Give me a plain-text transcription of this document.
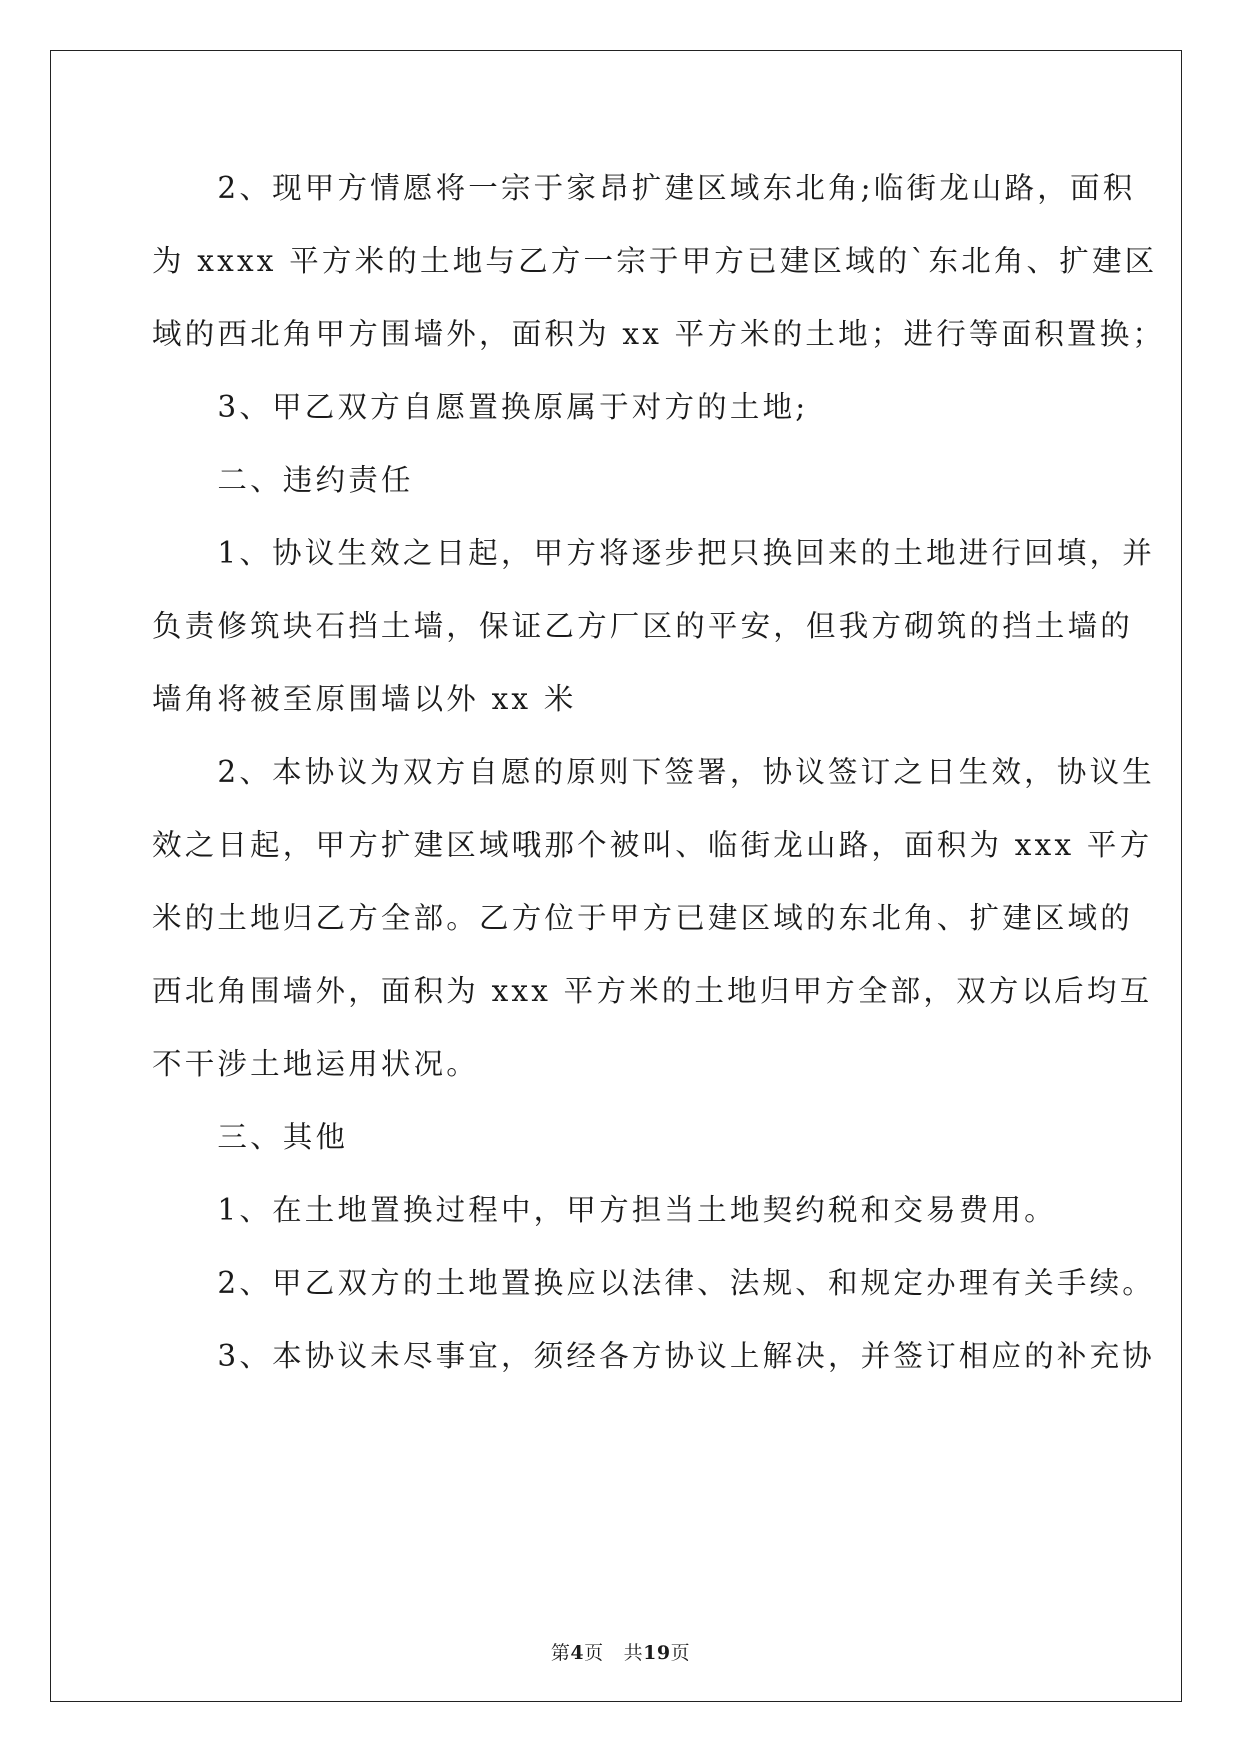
　　2、现甲方情愿将一宗于家昂扩建区域东北角;临街龙山路，面积
为 xxxx 平方米的土地与乙方一宗于甲方已建区域的`东北角、扩建区
域的西北角甲方围墙外，面积为 xx 平方米的土地；进行等面积置换；
　　3、甲乙双方自愿置换原属于对方的土地;
　　二、违约责任
　　1、协议生效之日起，甲方将逐步把只换回来的土地进行回填，并
负责修筑块石挡土墙，保证乙方厂区的平安，但我方砌筑的挡土墙的
墙角将被至原围墙以外 xx 米
　　2、本协议为双方自愿的原则下签署，协议签订之日生效，协议生
效之日起，甲方扩建区域哦那个被叫、临街龙山路，面积为 xxx 平方
米的土地归乙方全部。乙方位于甲方已建区域的东北角、扩建区域的
西北角围墙外，面积为 xxx 平方米的土地归甲方全部，双方以后均互
不干涉土地运用状况。
　　三、其他
　　1、在土地置换过程中，甲方担当土地契约税和交易费用。
　　2、甲乙双方的土地置换应以法律、法规、和规定办理有关手续。
　　3、本协议未尽事宜，须经各方协议上解决，并签订相应的补充协
第4页 共19页
